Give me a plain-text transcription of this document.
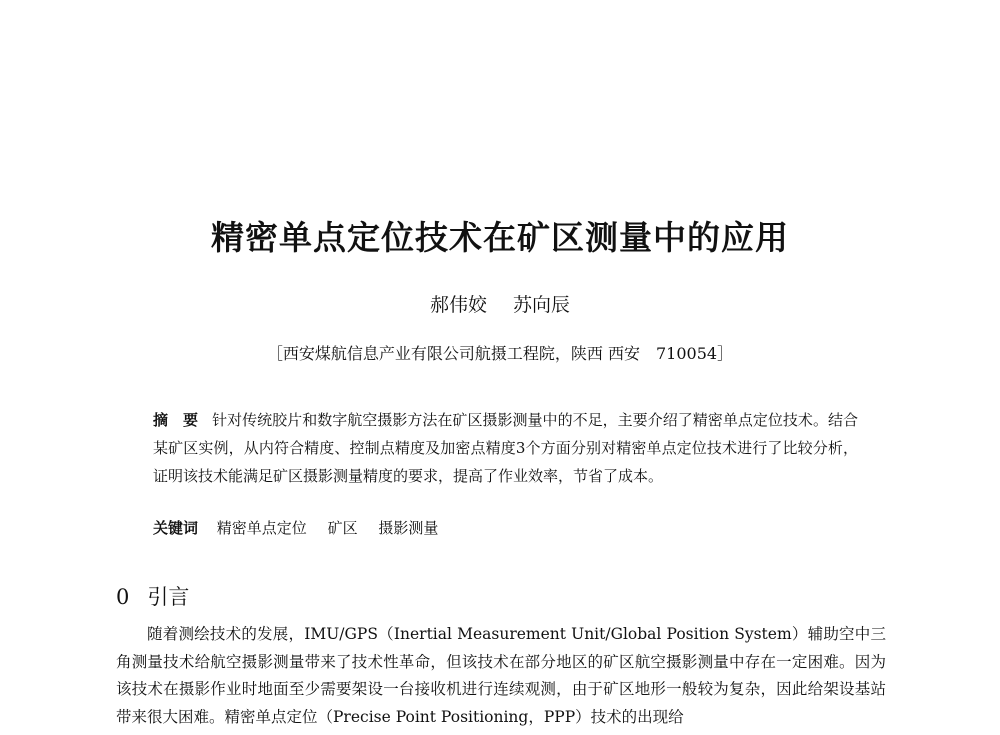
精密单点定位技术在矿区测量中的应用
郝伟姣 苏向辰
［西安煤航信息产业有限公司航摄工程院，陕西 西安　710054］
摘　要 针对传统胶片和数字航空摄影方法在矿区摄影测量中的不足，主要介绍了精密单点定位技术。结合某矿区实例，从内符合精度、控制点精度及加密点精度3个方面分别对精密单点定位技术进行了比较分析，证明该技术能满足矿区摄影测量精度的要求，提高了作业效率，节省了成本。
关键词 精密单点定位 矿区 摄影测量
0 引言
随着测绘技术的发展，IMU/GPS（Inertial Measurement Unit/Global Position System）辅助空中三角测量技术给航空摄影测量带来了技术性革命，但该技术在部分地区的矿区航空摄影测量中存在一定困难。因为该技术在摄影作业时地面至少需要架设一台接收机进行连续观测，由于矿区地形一般较为复杂，因此给架设基站带来很大困难。精密单点定位（Precise Point Positioning，PPP）技术的出现给
